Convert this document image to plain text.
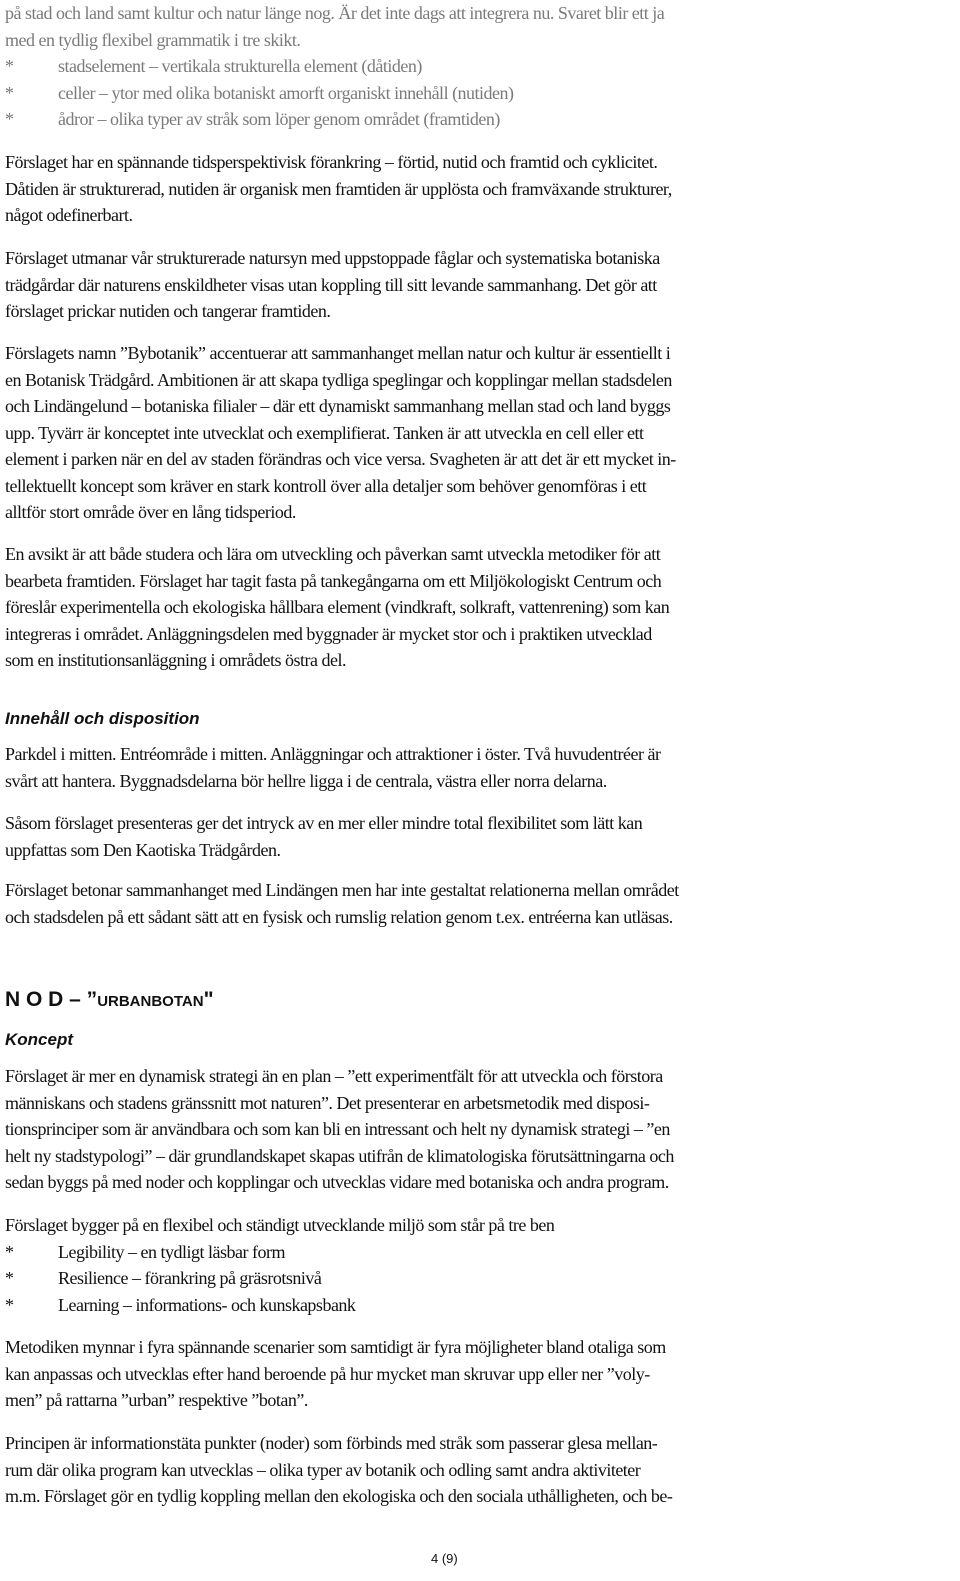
på stad och land samt kultur och natur länge nog. Är det inte dags att integrera nu. Svaret blir ett ja
med en tydlig flexibel grammatik i tre skikt.
* stadselement – vertikala strukturella element (dåtiden)
* celler – ytor med olika botaniskt amorft organiskt innehåll (nutiden)
* ådror – olika typer av stråk som löper genom området (framtiden)
Förslaget har en spännande tidsperspektivisk förankring – förtid, nutid och framtid och cyklicitet.
Dåtiden är strukturerad, nutiden är organisk men framtiden är upplösta och framväxande strukturer,
något odefinerbart.
Förslaget utmanar vår strukturerade natursyn med uppstoppade fåglar och systematiska botaniska
trädgårdar där naturens enskildheter visas utan koppling till sitt levande sammanhang. Det gör att
förslaget prickar nutiden och tangerar framtiden.
Förslagets namn ”Bybotanik” accentuerar att sammanhanget mellan natur och kultur är essentiellt i
en Botanisk Trädgård. Ambitionen är att skapa tydliga speglingar och kopplingar mellan stadsdelen
och Lindängelund – botaniska filialer – där ett dynamiskt sammanhang mellan stad och land byggs
upp. Tyvärr är konceptet inte utvecklat och exemplifierat. Tanken är att utveckla en cell eller ett
element i parken när en del av staden förändras och vice versa. Svagheten är att det är ett mycket in-
tellektuellt koncept som kräver en stark kontroll över alla detaljer som behöver genomföras i ett
alltför stort område över en lång tidsperiod.
En avsikt är att både studera och lära om utveckling och påverkan samt utveckla metodiker för att
bearbeta framtiden. Förslaget har tagit fasta på tankegångarna om ett Miljökologiskt Centrum och
föreslår experimentella och ekologiska hållbara element (vindkraft, solkraft, vattenrening) som kan
integreras i området. Anläggningsdelen med byggnader är mycket stor och i praktiken utvecklad
som en institutionsanläggning i områdets östra del.
Innehåll och disposition
Parkdel i mitten. Entréområde i mitten. Anläggningar och attraktioner i öster. Två huvudentréer är
svårt att hantera. Byggnadsdelarna bör hellre ligga i de centrala, västra eller norra delarna.
Såsom förslaget presenteras ger det intryck av en mer eller mindre total flexibilitet som lätt kan
uppfattas som Den Kaotiska Trädgården.
Förslaget betonar sammanhanget med Lindängen men har inte gestaltat relationerna mellan området
och stadsdelen på ett sådant sätt att en fysisk och rumslig relation genom t.ex. entréerna kan utläsas.
N O D – ”URBANBOTAN"
Koncept
Förslaget är mer en dynamisk strategi än en plan – ”ett experimentfält för att utveckla och förstora
människans och stadens gränssnitt mot naturen”. Det presenterar en arbetsmetodik med disposi-
tionsprinciper som är användbara och som kan bli en intressant och helt ny dynamisk strategi – ”en
helt ny stadstypologi” – där grundlandskapet skapas utifrån de klimatologiska förutsättningarna och
sedan byggs på med noder och kopplingar och utvecklas vidare med botaniska och andra program.
Förslaget bygger på en flexibel och ständigt utvecklande miljö som står på tre ben
* Legibility – en tydligt läsbar form
* Resilience – förankring på gräsrotsnivå
* Learning – informations- och kunskapsbank
Metodiken mynnar i fyra spännande scenarier som samtidigt är fyra möjligheter bland otaliga som
kan anpassas och utvecklas efter hand beroende på hur mycket man skruvar upp eller ner ”voly-
men” på rattarna ”urban” respektive ”botan”.
Principen är informationstäta punkter (noder) som förbinds med stråk som passerar glesa mellan-
rum där olika program kan utvecklas – olika typer av botanik och odling samt andra aktiviteter
m.m. Förslaget gör en tydlig koppling mellan den ekologiska och den sociala uthålligheten, och be-
4 (9)
